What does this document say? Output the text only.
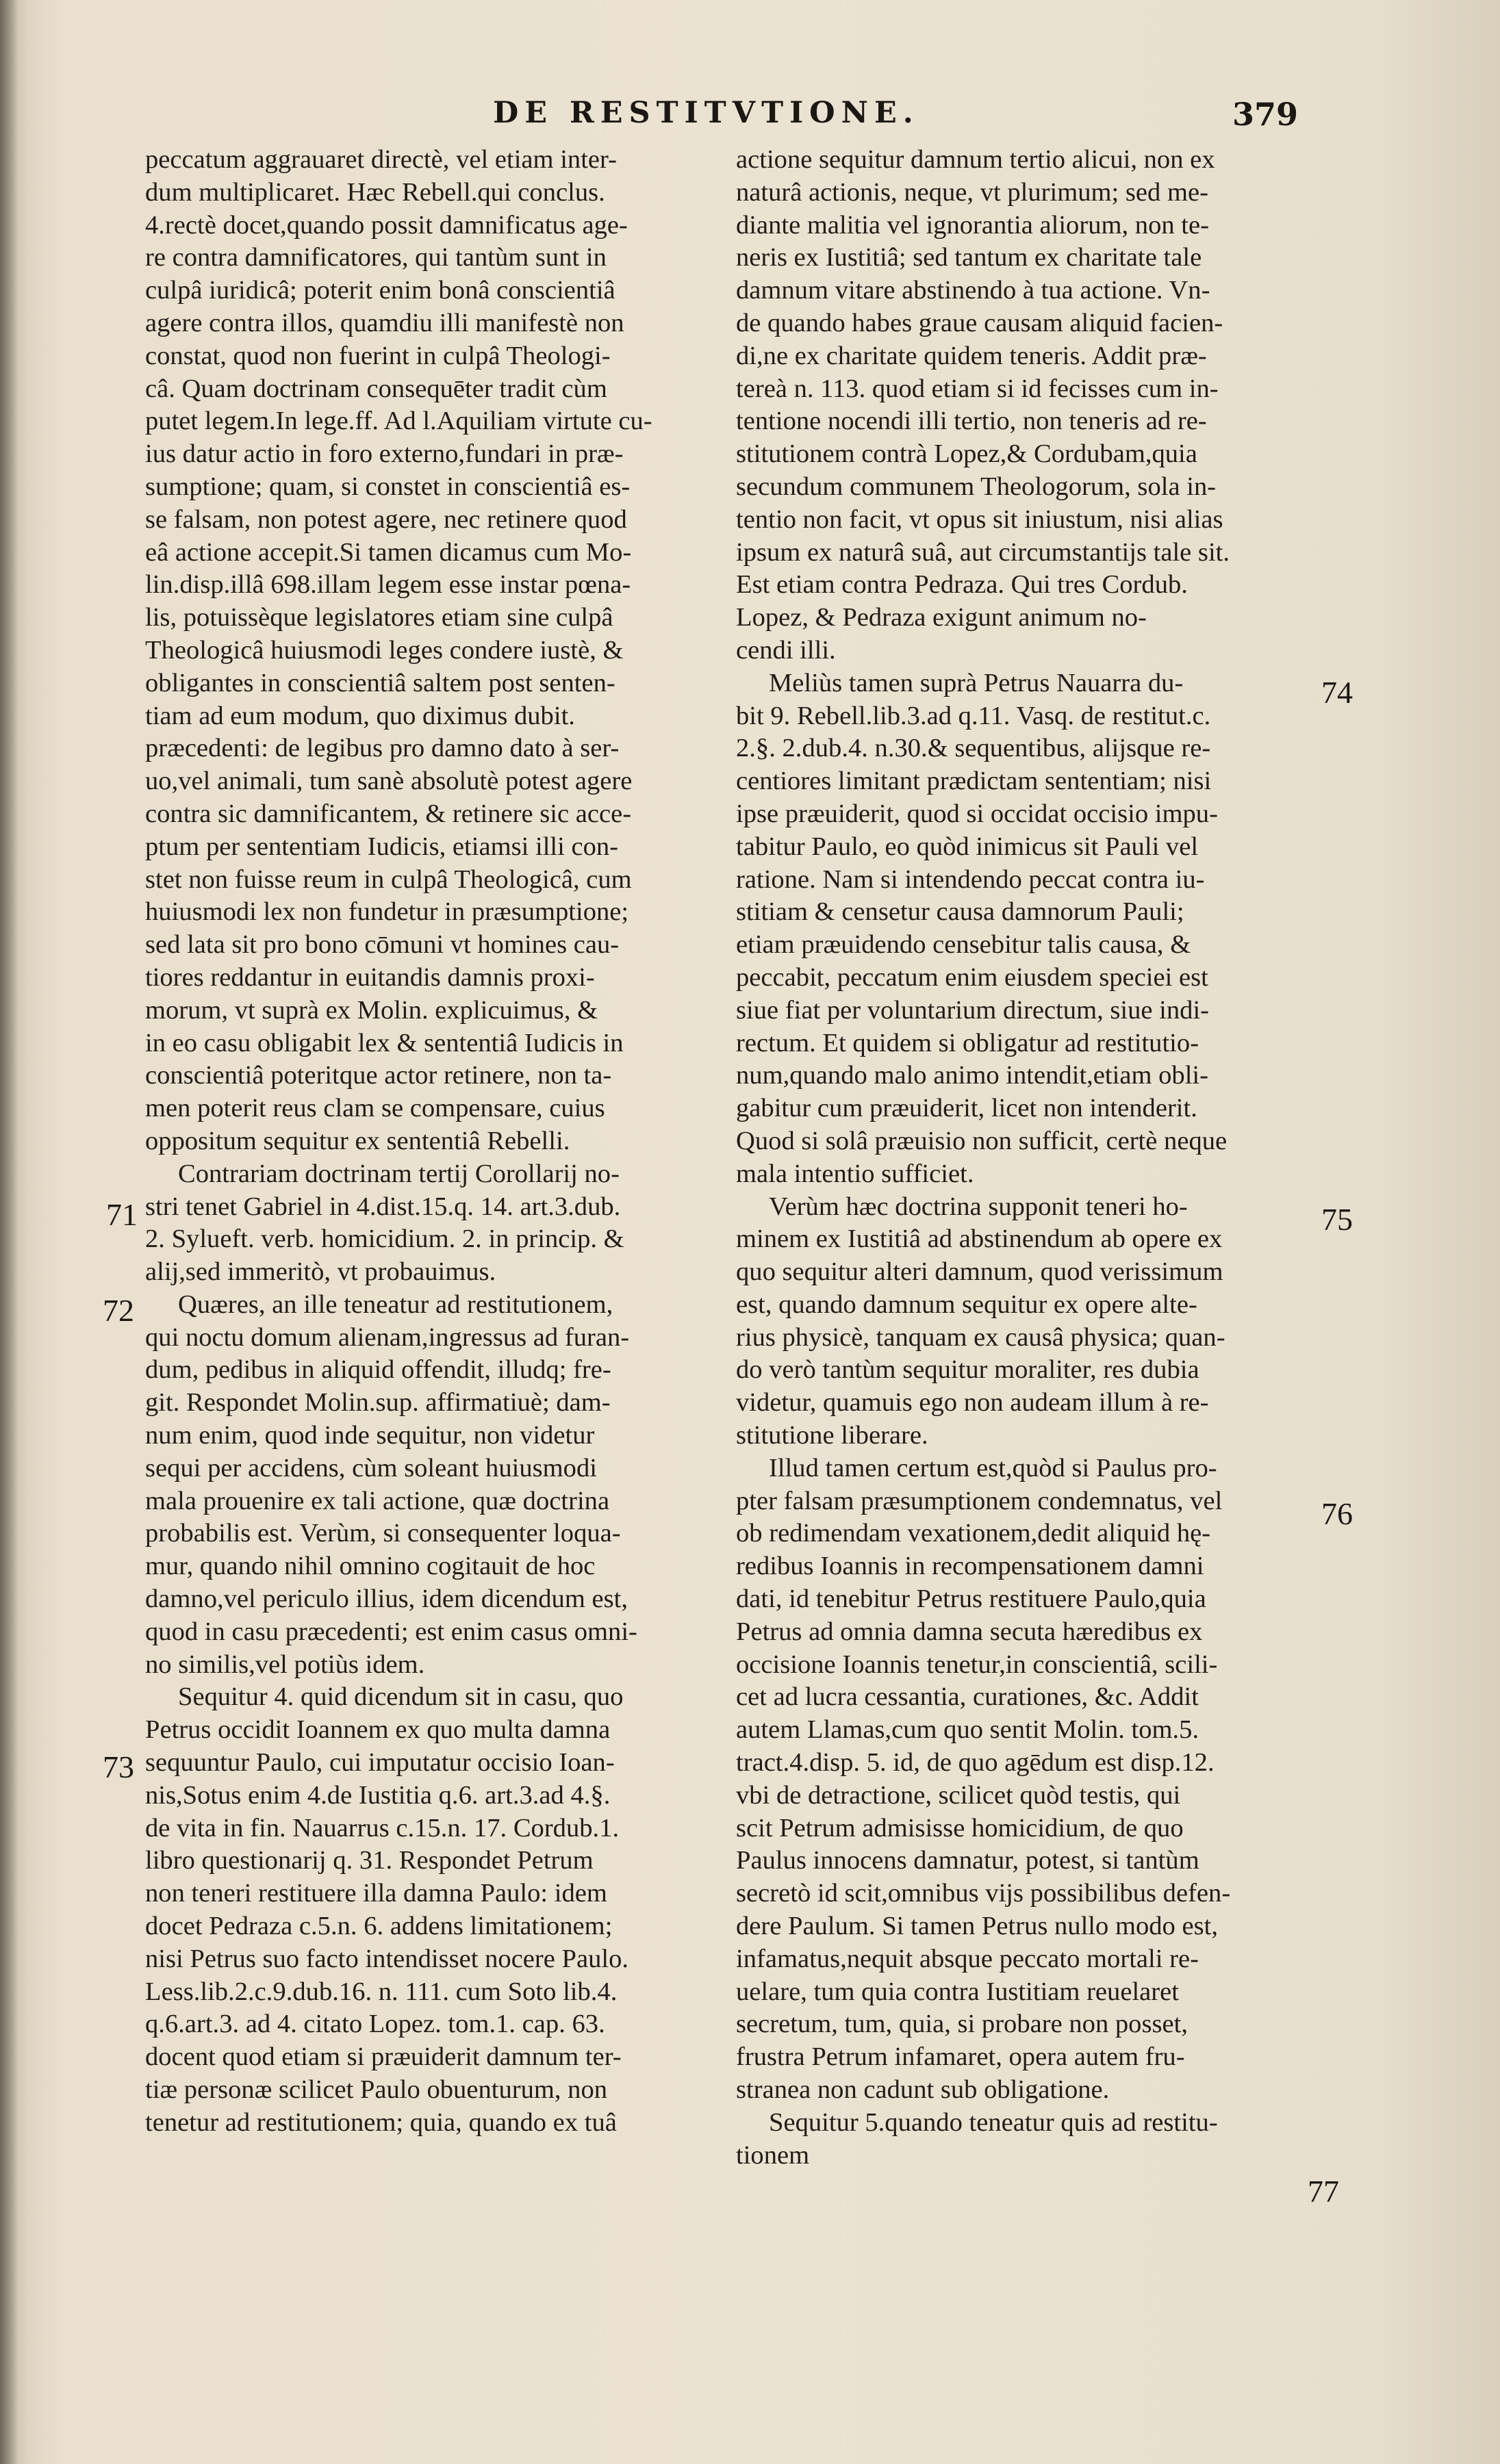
DE RESTITVTIONE.	379
peccatum aggrauaret directè, vel etiam inter-
dum multiplicaret. Hæc Rebell.qui conclus.
4.rectè docet,quando possit damnificatus age-
re contra damnificatores, qui tantùm sunt in
culpâ iuridicâ; poterit enim bonâ conscientiâ
agere contra illos, quamdiu illi manifestè non
constat, quod non fuerint in culpâ Theologi-
câ. Quam doctrinam consequēter tradit cùm
putet legem.In lege.ff. Ad l.Aquiliam virtute cu-
ius datur actio in foro externo,fundari in præ-
sumptione; quam, si constet in conscientiâ es-
se falsam, non potest agere, nec retinere quod
eâ actione accepit.Si tamen dicamus cum Mo-
lin.disp.illâ 698.illam legem esse instar pœna-
lis, potuissèque legislatores etiam sine culpâ
Theologicâ huiusmodi leges condere iustè, &
obligantes in conscientiâ saltem post senten-
tiam ad eum modum, quo diximus dubit.
præcedenti: de legibus pro damno dato à ser-
uo,vel animali, tum sanè absolutè potest agere
contra sic damnificantem, & retinere sic acce-
ptum per sententiam Iudicis, etiamsi illi con-
stet non fuisse reum in culpâ Theologicâ, cum
huiusmodi lex non fundetur in præsumptione;
sed lata sit pro bono cōmuni vt homines cau-
tiores reddantur in euitandis damnis proxi-
morum, vt suprà ex Molin. explicuimus, &
in eo casu obligabit lex & sententiâ Iudicis in
conscientiâ poteritque actor retinere, non ta-
men poterit reus clam se compensare, cuius
oppositum sequitur ex sententiâ Rebelli.
Contrariam doctrinam tertij Corollarij no-
stri tenet Gabriel in 4.dist.15.q. 14. art.3.dub.
2. Sylueft. verb. homicidium. 2. in princip. &
alij,sed immeritò, vt probauimus.
Quæres, an ille teneatur ad restitutionem,
qui noctu domum alienam,ingressus ad furan-
dum, pedibus in aliquid offendit, illudq; fre-
git. Respondet Molin.sup. affirmatiuè; dam-
num enim, quod inde sequitur, non videtur
sequi per accidens, cùm soleant huiusmodi
mala prouenire ex tali actione, quæ doctrina
probabilis est. Verùm, si consequenter loqua-
mur, quando nihil omnino cogitauit de hoc
damno,vel periculo illius, idem dicendum est,
quod in casu præcedenti; est enim casus omni-
no similis,vel potiùs idem.
Sequitur 4. quid dicendum sit in casu, quo
Petrus occidit Ioannem ex quo multa damna
sequuntur Paulo, cui imputatur occisio Ioan-
nis,Sotus enim 4.de Iustitia q.6. art.3.ad 4.§.
de vita in fin. Nauarrus c.15.n. 17. Cordub.1.
libro questionarij q. 31. Respondet Petrum
non teneri restituere illa damna Paulo: idem
docet Pedraza c.5.n. 6. addens limitationem;
nisi Petrus suo facto intendisset nocere Paulo.
Less.lib.2.c.9.dub.16. n. 111. cum Soto lib.4.
q.6.art.3. ad 4. citato Lopez. tom.1. cap. 63.
docent quod etiam si præuiderit damnum ter-
tiæ personæ scilicet Paulo obuenturum, non
tenetur ad restitutionem; quia, quando ex tuâ
actione sequitur damnum tertio alicui, non ex
naturâ actionis, neque, vt plurimum; sed me-
diante malitia vel ignorantia aliorum, non te-
neris ex Iustitiâ; sed tantum ex charitate tale
damnum vitare abstinendo à tua actione. Vn-
de quando habes graue causam aliquid facien-
di,ne ex charitate quidem teneris. Addit præ-
tereà n. 113. quod etiam si id fecisses cum in-
tentione nocendi illi tertio, non teneris ad re-
stitutionem contrà Lopez,& Cordubam,quia
secundum communem Theologorum, sola in-
tentio non facit, vt opus sit iniustum, nisi alias
ipsum ex naturâ suâ, aut circumstantijs tale sit.
Est etiam contra Pedraza. Qui tres Cordub.
Lopez, & Pedraza exigunt animum no-
cendi illi.
Meliùs tamen suprà Petrus Nauarra du-
bit 9. Rebell.lib.3.ad q.11. Vasq. de restitut.c.
2.§. 2.dub.4. n.30.& sequentibus, alijsque re-
centiores limitant prædictam sententiam; nisi
ipse præuiderit, quod si occidat occisio impu-
tabitur Paulo, eo quòd inimicus sit Pauli vel
ratione. Nam si intendendo peccat contra iu-
stitiam & censetur causa damnorum Pauli;
etiam præuidendo censebitur talis causa, &
peccabit, peccatum enim eiusdem speciei est
siue fiat per voluntarium directum, siue indi-
rectum. Et quidem si obligatur ad restitutio-
num,quando malo animo intendit,etiam obli-
gabitur cum præuiderit, licet non intenderit.
Quod si solâ præuisio non sufficit, certè neque
mala intentio sufficiet.
Verùm hæc doctrina supponit teneri ho-
minem ex Iustitiâ ad abstinendum ab opere ex
quo sequitur alteri damnum, quod verissimum
est, quando damnum sequitur ex opere alte-
rius physicè, tanquam ex causâ physica; quan-
do verò tantùm sequitur moraliter, res dubia
videtur, quamuis ego non audeam illum à re-
stitutione liberare.
Illud tamen certum est,quòd si Paulus pro-
pter falsam præsumptionem condemnatus, vel
ob redimendam vexationem,dedit aliquid hę-
redibus Ioannis in recompensationem damni
dati, id tenebitur Petrus restituere Paulo,quia
Petrus ad omnia damna secuta hæredibus ex
occisione Ioannis tenetur,in conscientiâ, scili-
cet ad lucra cessantia, curationes, &c. Addit
autem Llamas,cum quo sentit Molin. tom.5.
tract.4.disp. 5. id, de quo agēdum est disp.12.
vbi de detractione, scilicet quòd testis, qui
scit Petrum admisisse homicidium, de quo
Paulus innocens damnatur, potest, si tantùm
secretò id scit,omnibus vijs possibilibus defen-
dere Paulum. Si tamen Petrus nullo modo est,
infamatus,nequit absque peccato mortali re-
uelare, tum quia contra Iustitiam reuelaret
secretum, tum, quia, si probare non posset,
frustra Petrum infamaret, opera autem fru-
stranea non cadunt sub obligatione.
Sequitur 5.quando teneatur quis ad restitu-
tionem
71
72
73
74
75
76
77
